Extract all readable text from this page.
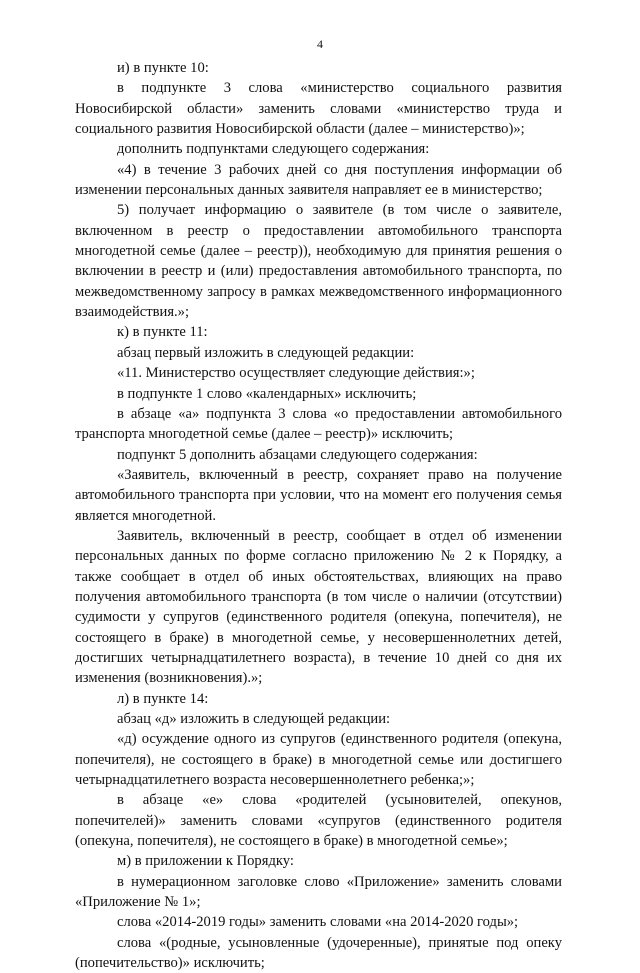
4

и) в пункте 10:

в подпункте 3 слова «министерство социального развития Новосибирской области» заменить словами «министерство труда и социального развития Новосибирской области (далее – министерство)»;

дополнить подпунктами следующего содержания:

«4) в течение 3 рабочих дней со дня поступления информации об изменении персональных данных заявителя направляет ее в министерство;

5) получает информацию о заявителе (в том числе о заявителе, включенном в реестр о предоставлении автомобильного транспорта многодетной семье (далее – реестр)), необходимую для принятия решения о включении в реестр и (или) предоставления автомобильного транспорта, по межведомственному запросу в рамках межведомственного информационного взаимодействия.»;

к) в пункте 11:

абзац первый изложить в следующей редакции:

«11. Министерство осуществляет следующие действия:»;

в подпункте 1 слово «календарных» исключить;

в абзаце «а» подпункта 3 слова «о предоставлении автомобильного транспорта многодетной семье (далее – реестр)» исключить;

подпункт 5 дополнить абзацами следующего содержания:

«Заявитель, включенный в реестр, сохраняет право на получение автомобильного транспорта при условии, что на момент его получения семья является многодетной.

Заявитель, включенный в реестр, сообщает в отдел об изменении персональных данных по форме согласно приложению № 2 к Порядку, а также сообщает в отдел об иных обстоятельствах, влияющих на право получения автомобильного транспорта (в том числе о наличии (отсутствии) судимости у супругов (единственного родителя (опекуна, попечителя), не состоящего в браке) в многодетной семье, у несовершеннолетних детей, достигших четырнадцатилетнего возраста), в течение 10 дней со дня их изменения (возникновения).»;

л) в пункте 14:

абзац «д» изложить в следующей редакции:

«д) осуждение одного из супругов (единственного родителя (опекуна, попечителя), не состоящего в браке) в многодетной семье или достигшего четырнадцатилетнего возраста несовершеннолетнего ребенка;»;

в абзаце «е» слова «родителей (усыновителей, опекунов, попечителей)» заменить словами «супругов (единственного родителя (опекуна, попечителя), не состоящего в браке) в многодетной семье»;

м) в приложении к Порядку:

в нумерационном заголовке слово «Приложение» заменить словами «Приложение № 1»;

слова «2014-2019 годы» заменить словами «на 2014-2020 годы»;

слова «(родные, усыновленные (удочеренные), принятые под опеку (попечительство)» исключить;
